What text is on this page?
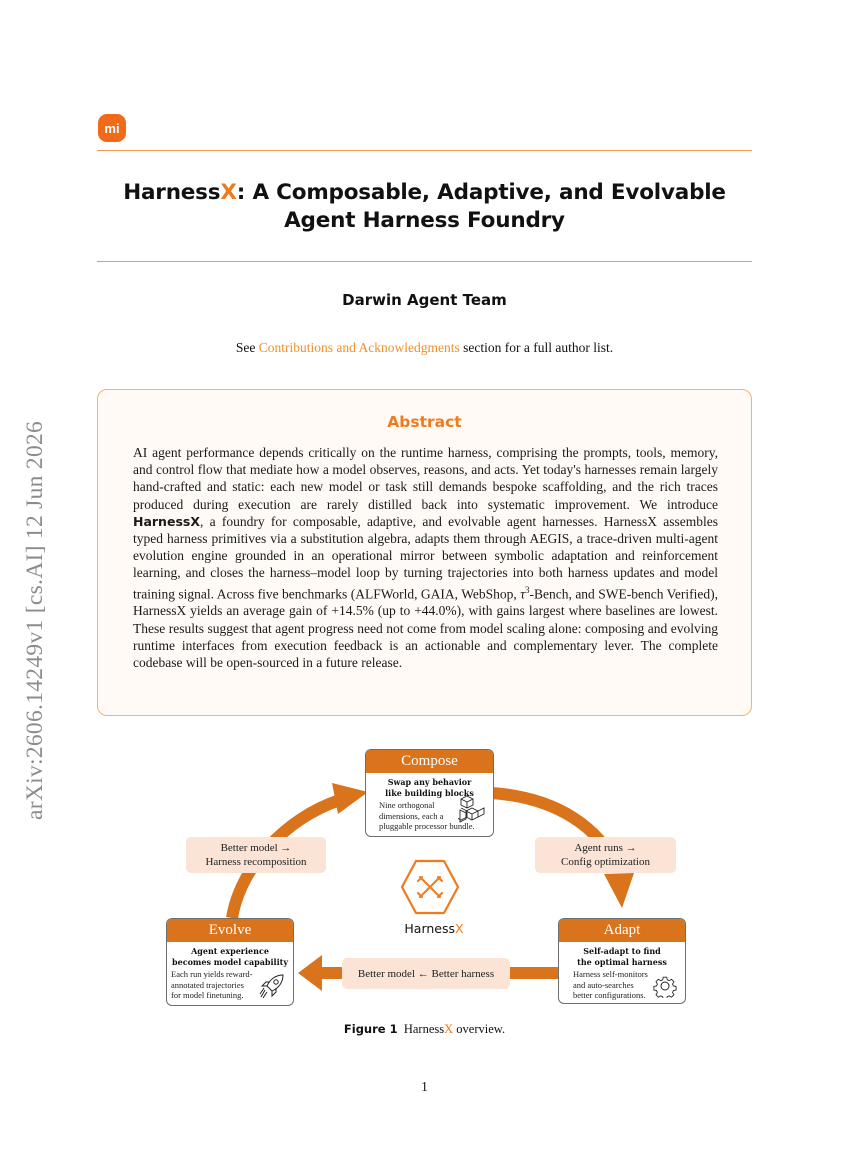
arXiv:2606.14249v1 [cs.AI] 12 Jun 2026
mi
HarnessX: A Composable, Adaptive, and Evolvable
Agent Harness Foundry
Darwin Agent Team
See Contributions and Acknowledgments section for a full author list.
Abstract
AI agent performance depends critically on the runtime harness, comprising the prompts, tools, memory, and control flow that mediate how a model observes, reasons, and acts. Yet today's harnesses remain largely hand-crafted and static: each new model or task still demands bespoke scaffolding, and the rich traces produced during execution are rarely distilled back into systematic improvement. We introduce HarnessX, a foundry for composable, adaptive, and evolvable agent harnesses. HarnessX assembles typed harness primitives via a substitution algebra, adapts them through AEGIS, a trace-driven multi-agent evolution engine grounded in an operational mirror between symbolic adaptation and reinforcement learning, and closes the harness–model loop by turning trajectories into both harness updates and model training signal. Across five benchmarks (ALFWorld, GAIA, WebShop, $\tau^3$-Bench, and SWE-bench Verified), HarnessX yields an average gain of +14.5% (up to +44.0%), with gains largest where baselines are lowest. These results suggest that agent progress need not come from model scaling alone: composing and evolving runtime interfaces from execution feedback is an actionable and complementary lever. The complete codebase will be open-sourced in a future release.
Better model →
Harness recomposition
Agent runs →
Config optimization
Better model ← Better harness
Compose
Swap any behavior
like building blocks
Nine orthogonal
dimensions, each a
pluggable processor bundle.
Adapt
Self-adapt to find
the optimal harness
Harness self-monitors
and auto-searches
better configurations.
Evolve
Agent experience
becomes model capability
Each run yields reward-
annotated trajectories
for model finetuning.
HarnessX
Figure 1 HarnessX overview.
1
